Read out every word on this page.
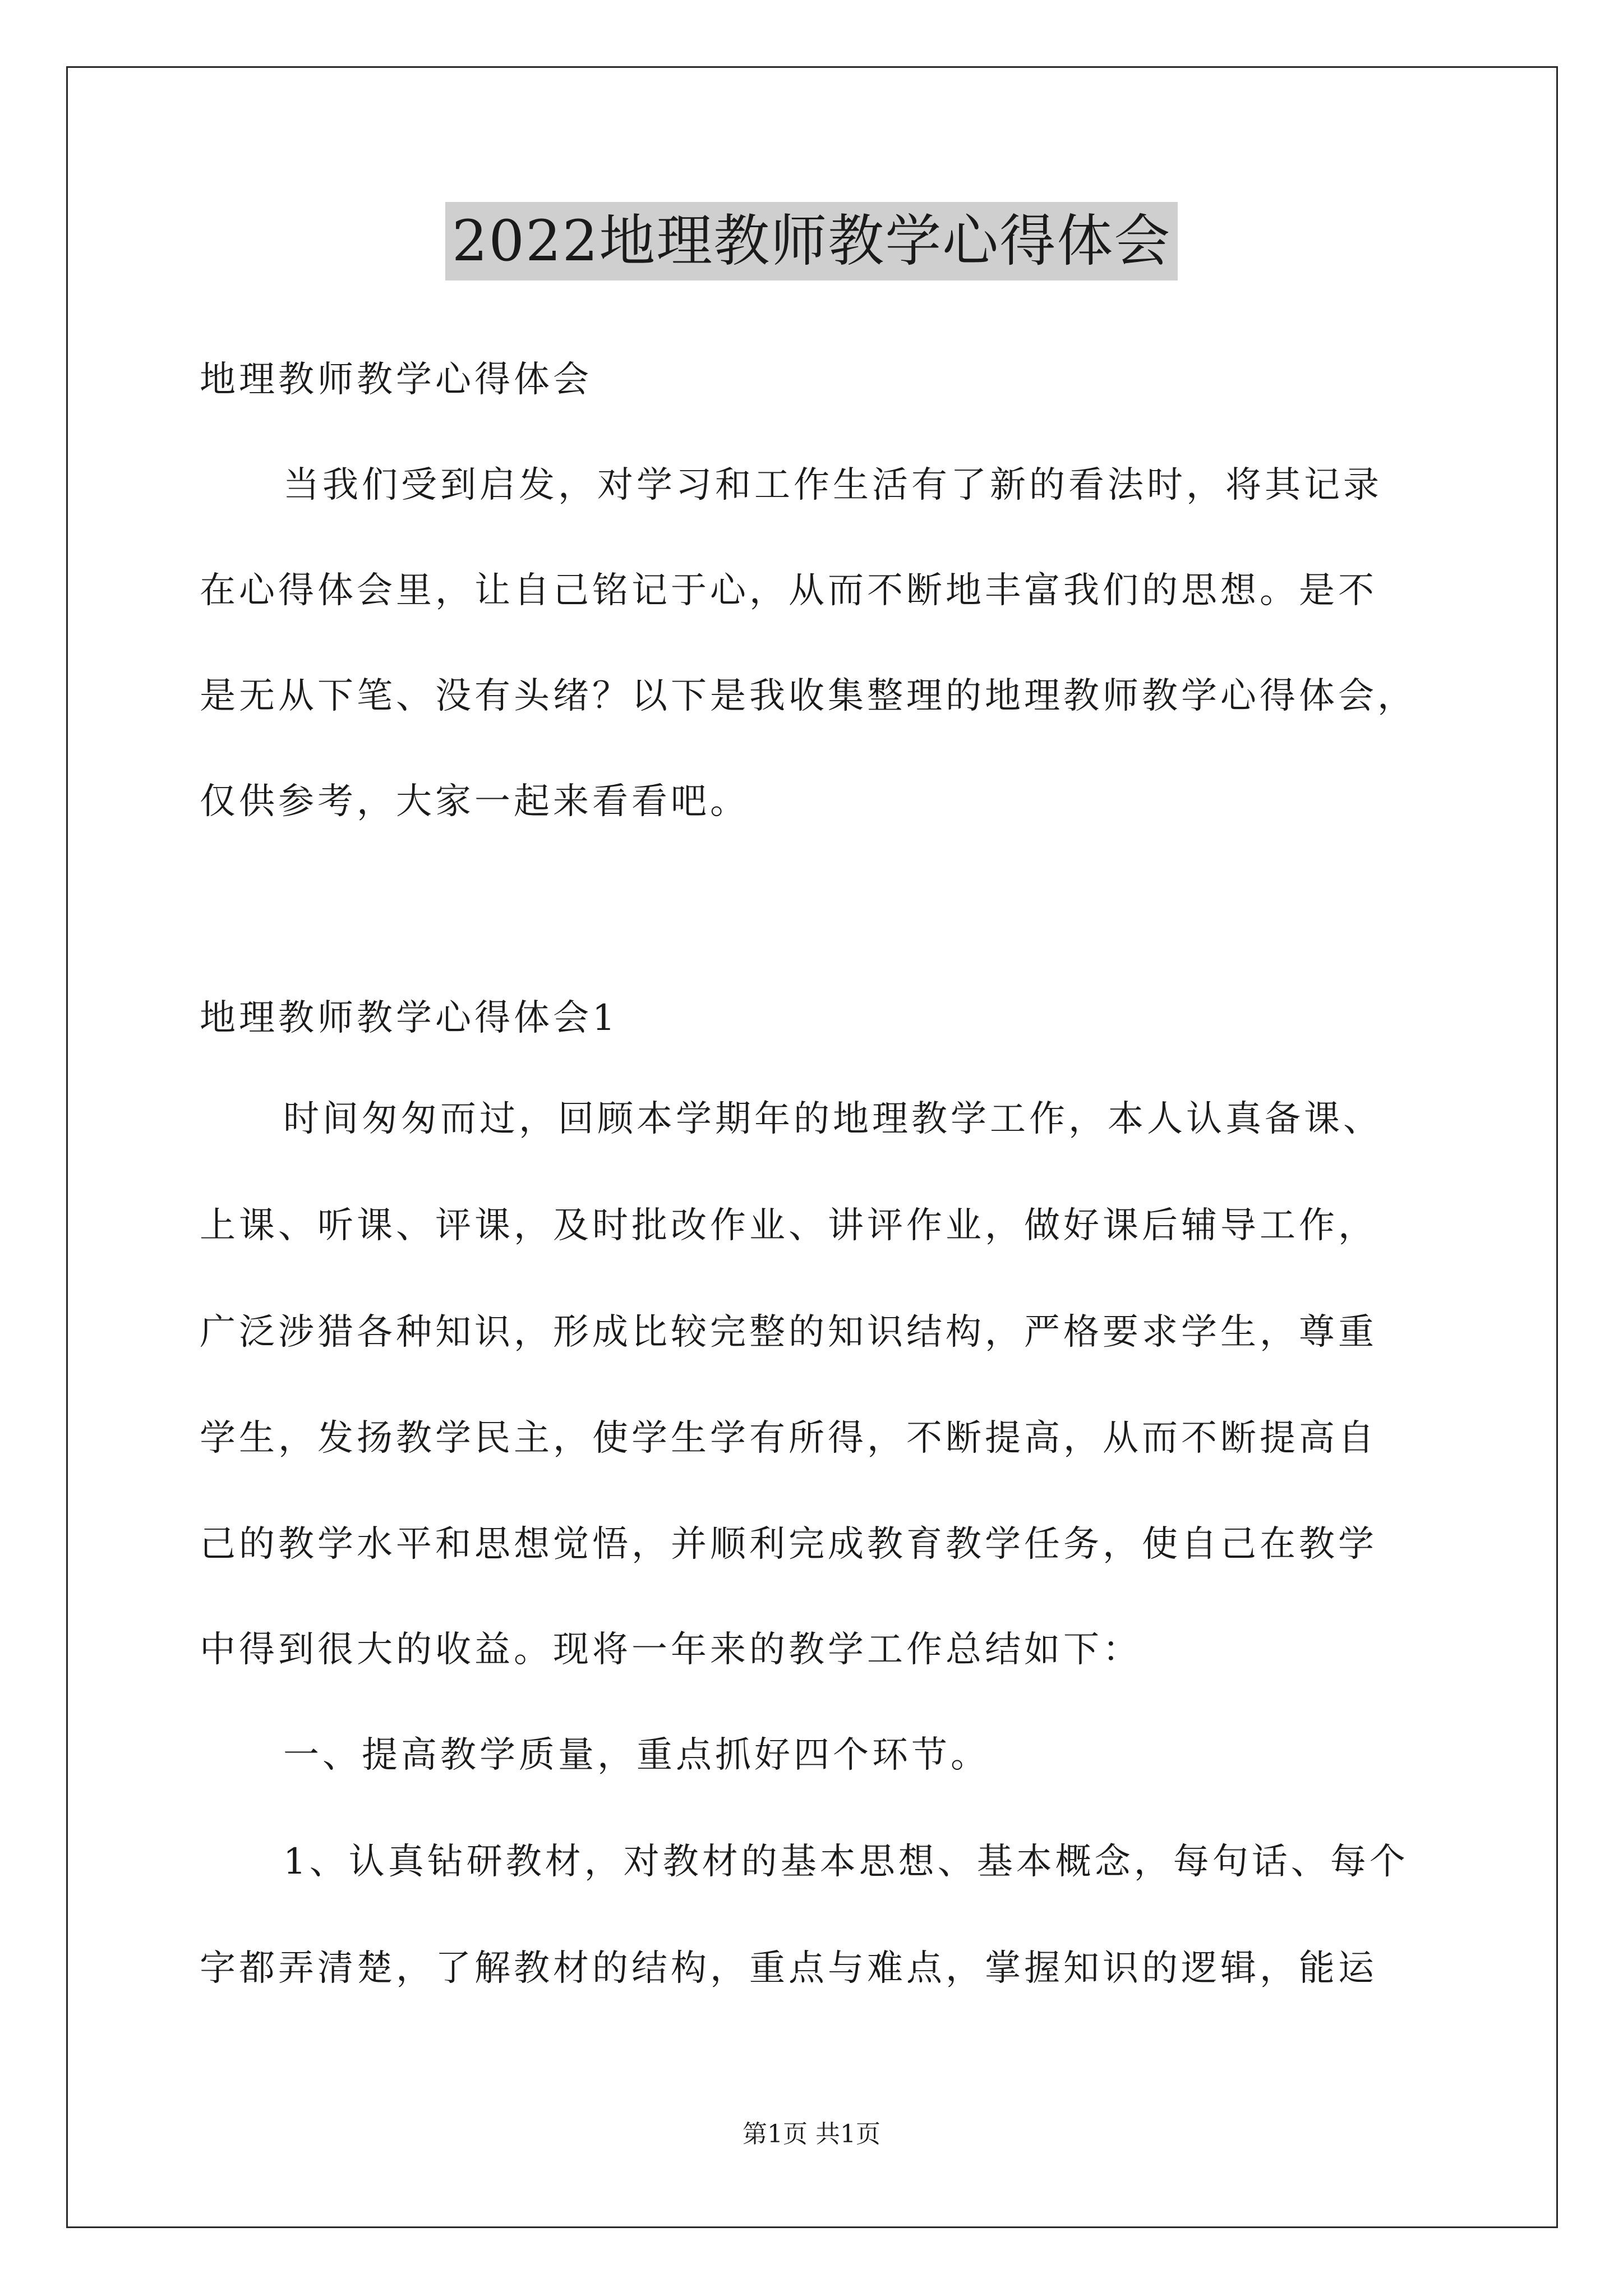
2022地理教师教学心得体会
地理教师教学心得体会
当我们受到启发，对学习和工作生活有了新的看法时，将其记录
在心得体会里，让自己铭记于心，从而不断地丰富我们的思想。是不
是无从下笔、没有头绪？以下是我收集整理的地理教师教学心得体会，
仅供参考，大家一起来看看吧。
地理教师教学心得体会1
时间匆匆而过，回顾本学期年的地理教学工作，本人认真备课、
上课、听课、评课，及时批改作业、讲评作业，做好课后辅导工作，
广泛涉猎各种知识，形成比较完整的知识结构，严格要求学生，尊重
学生，发扬教学民主，使学生学有所得，不断提高，从而不断提高自
己的教学水平和思想觉悟，并顺利完成教育教学任务，使自己在教学
中得到很大的收益。现将一年来的教学工作总结如下：
一、提高教学质量，重点抓好四个环节。
1、认真钻研教材，对教材的基本思想、基本概念，每句话、每个
字都弄清楚，了解教材的结构，重点与难点，掌握知识的逻辑，能运
第1页 共1页
